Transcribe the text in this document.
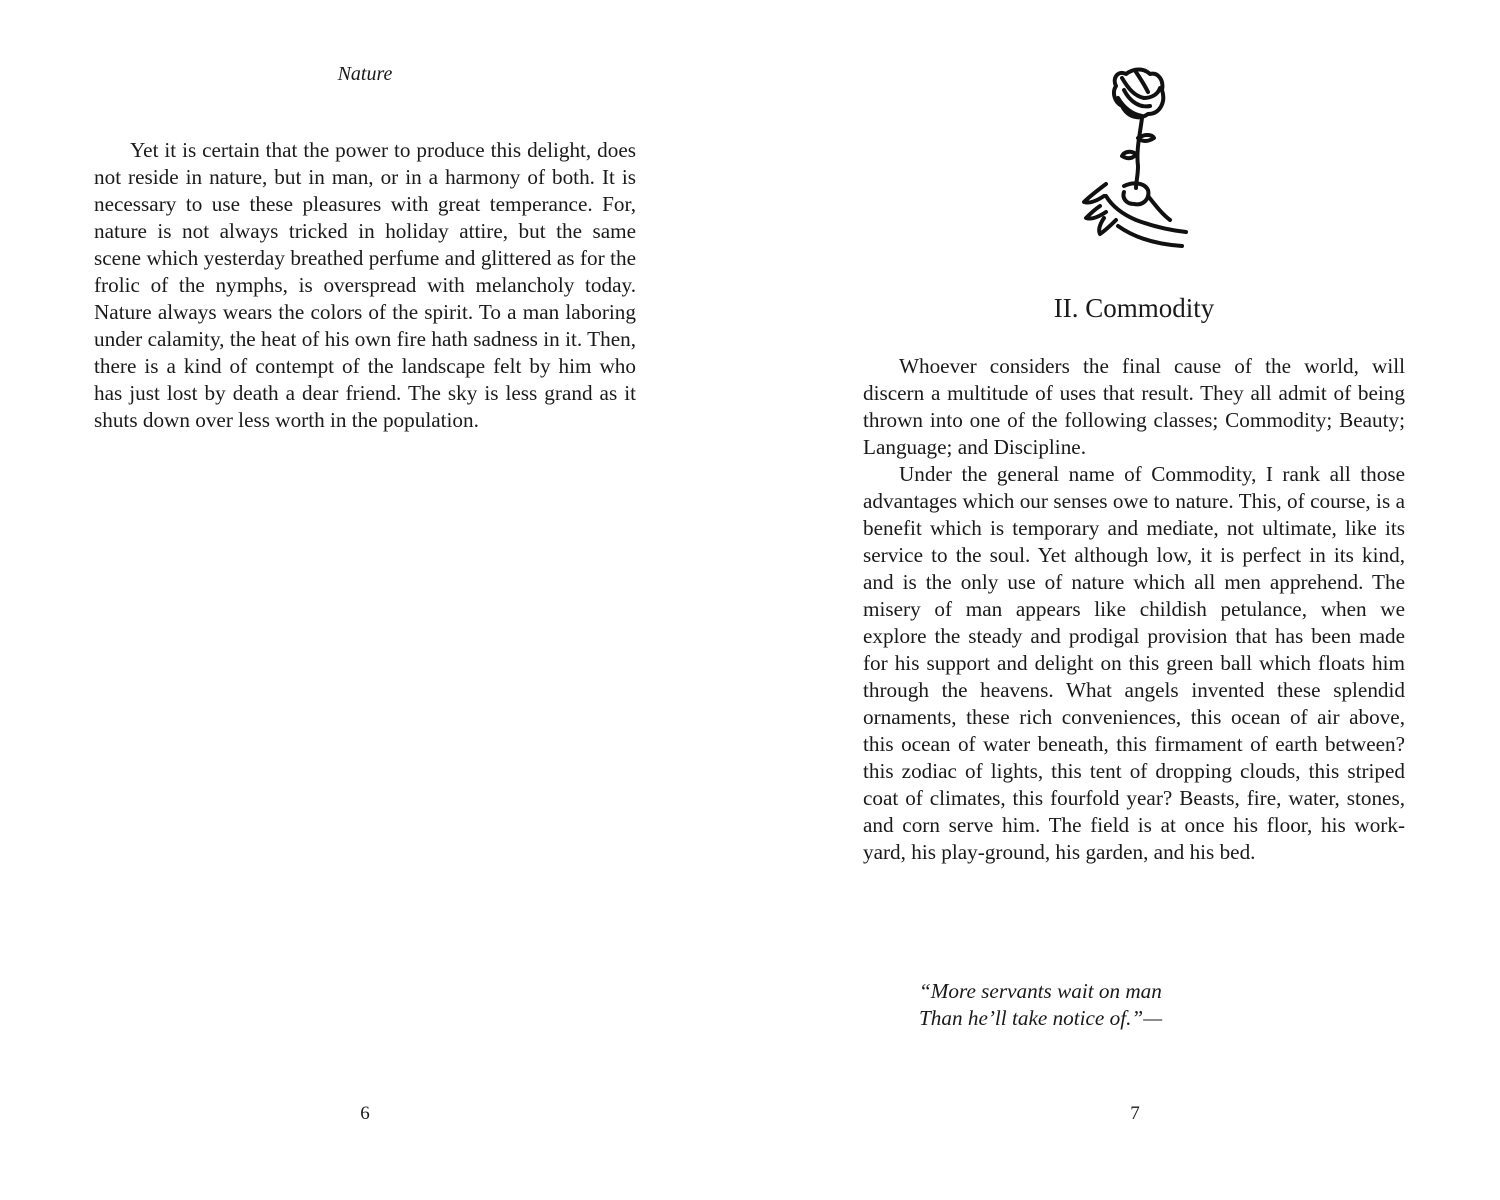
Nature

Yet it is certain that the power to produce this delight, does not reside in nature, but in man, or in a harmony of both. It is necessary to use these pleasures with great temperance. For, nature is not always tricked in holiday attire, but the same scene which yesterday breathed perfume and glittered as for the frolic of the nymphs, is overspread with melancholy today. Nature always wears the colors of the spirit. To a man laboring under calamity, the heat of his own fire hath sadness in it. Then, there is a kind of contempt of the landscape felt by him who has just lost by death a dear friend. The sky is less grand as it shuts down over less worth in the population.

6
II. Commodity

Whoever considers the final cause of the world, will discern a multitude of uses that result. They all admit of being thrown into one of the following classes; Commodity; Beauty; Language; and Discipline.

Under the general name of Commodity, I rank all those advantages which our senses owe to nature. This, of course, is a benefit which is temporary and mediate, not ultimate, like its service to the soul. Yet although low, it is perfect in its kind, and is the only use of nature which all men apprehend. The misery of man appears like childish petulance, when we explore the steady and prodigal provision that has been made for his support and delight on this green ball which floats him through the heavens. What angels invented these splendid ornaments, these rich conveniences, this ocean of air above, this ocean of water beneath, this firmament of earth between? this zodiac of lights, this tent of dropping clouds, this striped coat of climates, this fourfold year? Beasts, fire, water, stones, and corn serve him. The field is at once his floor, his work-yard, his play-ground, his garden, and his bed.

“More servants wait on man
Than he’ll take notice of.”—
7
